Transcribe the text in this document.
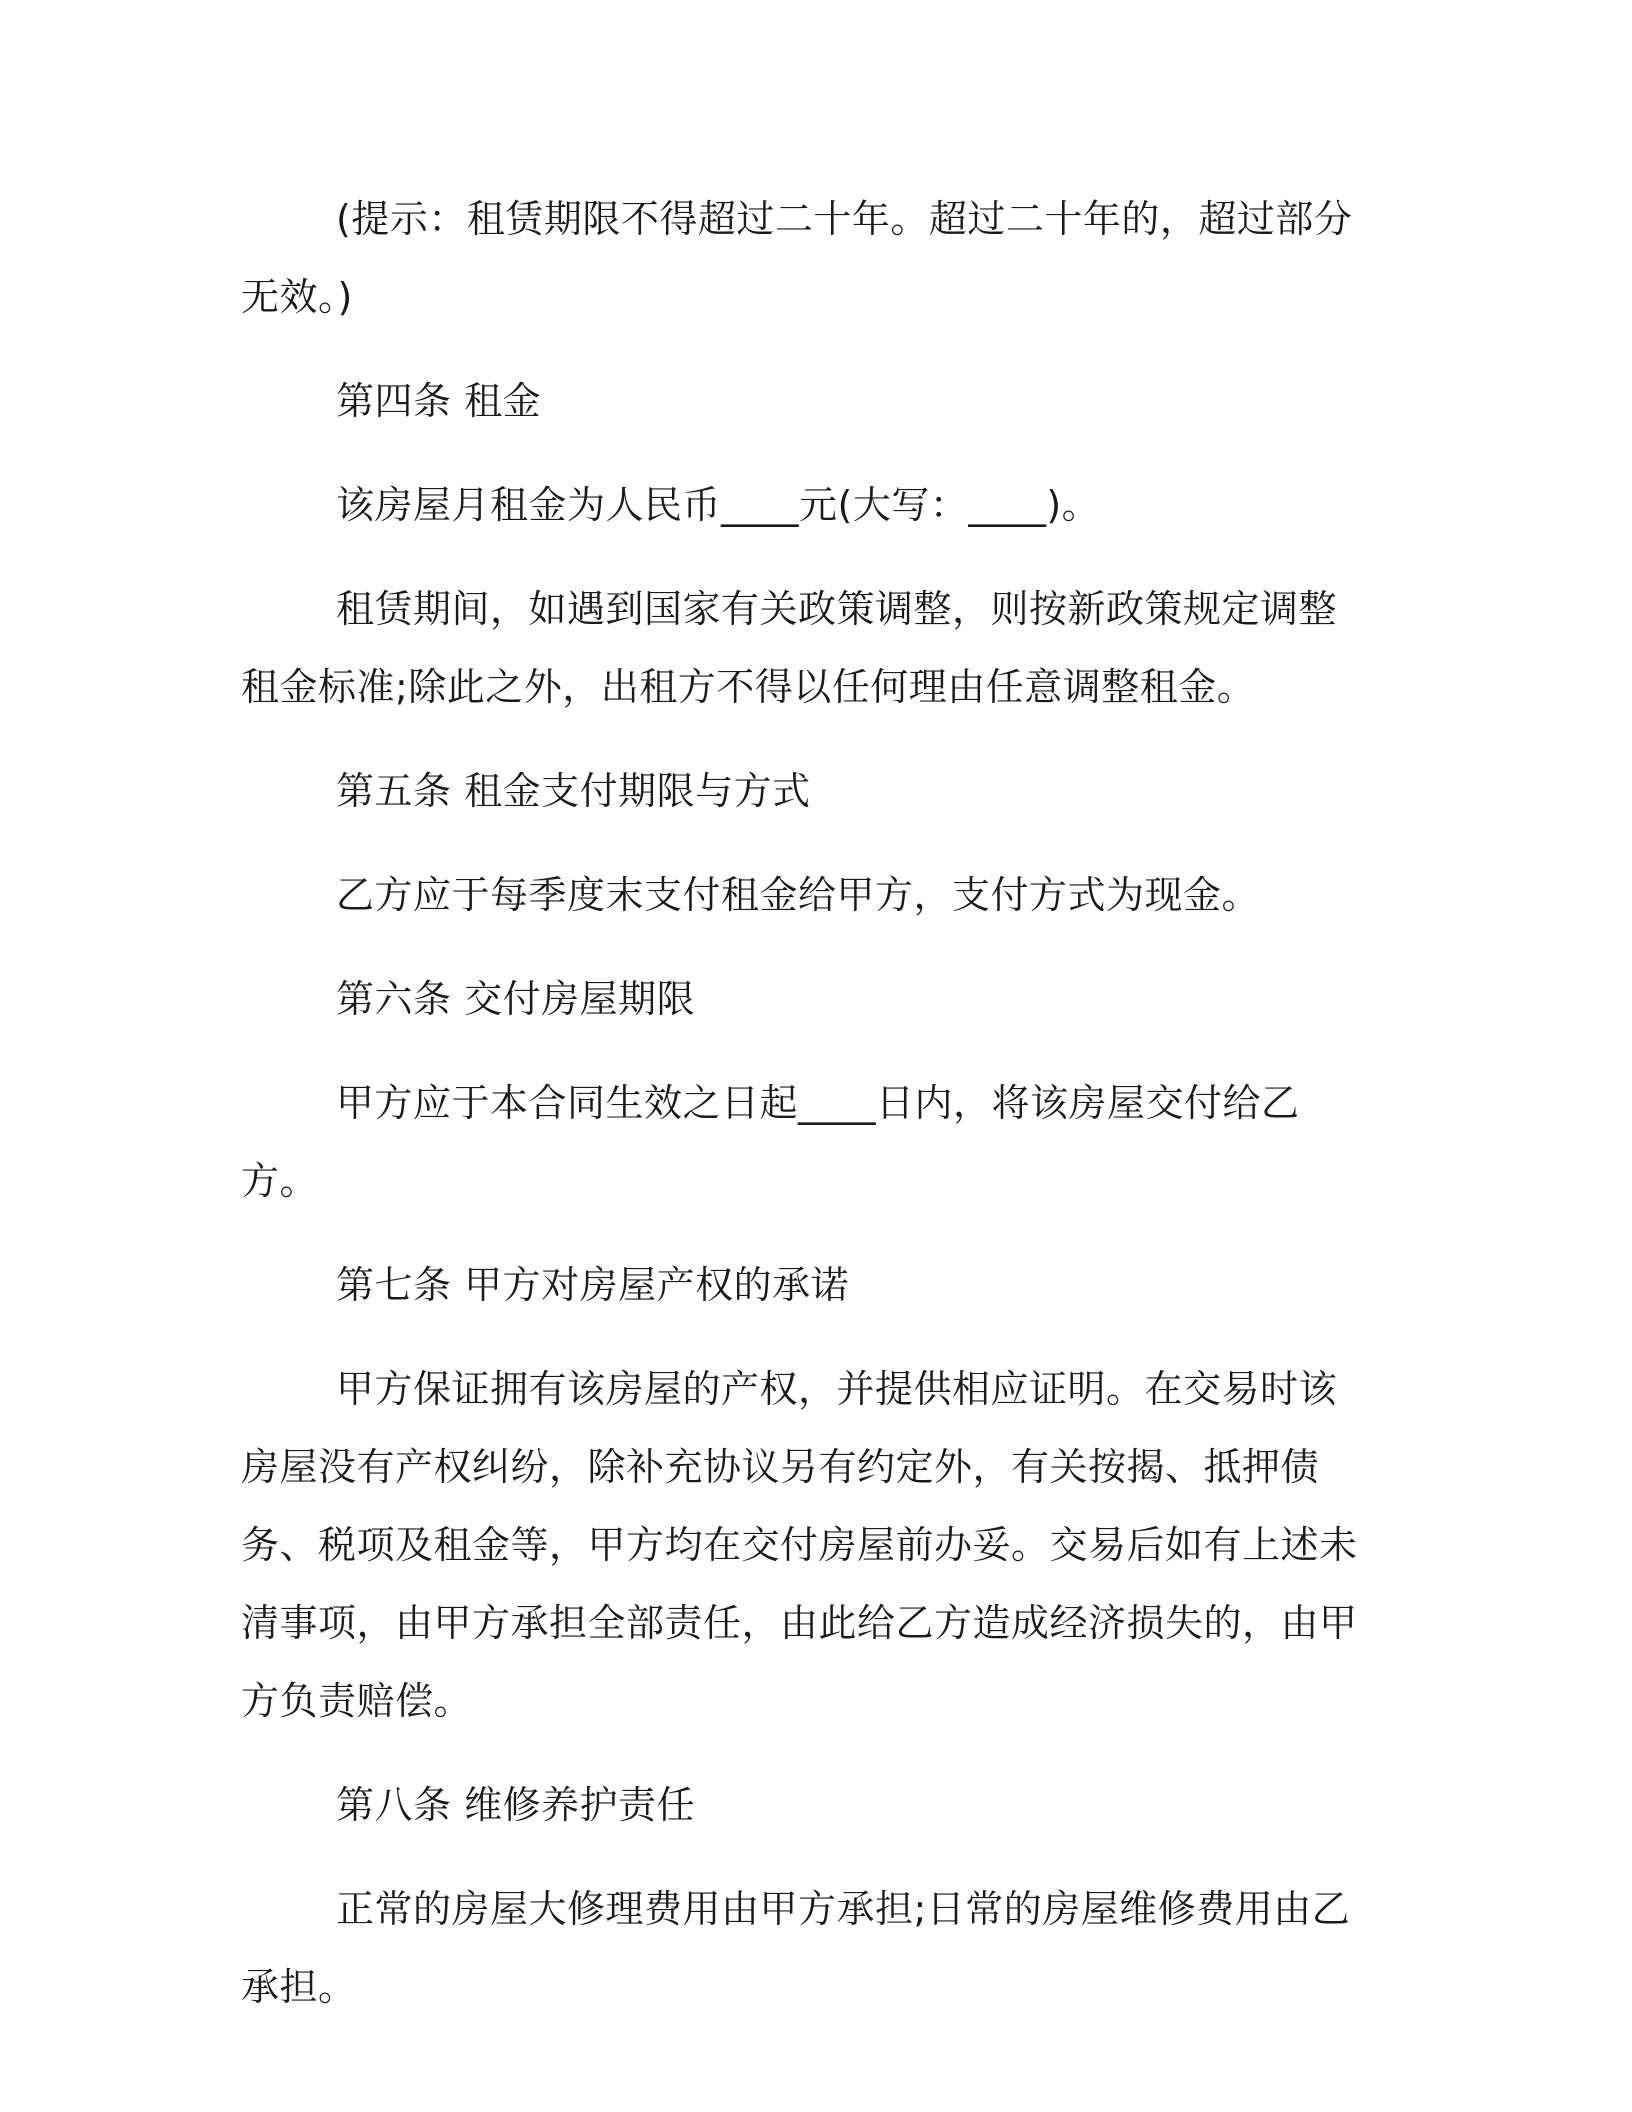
(提示：租赁期限不得超过二十年。超过二十年的，超过部分无效。)

第四条 租金

该房屋月租金为人民币____元(大写：____)。

租赁期间，如遇到国家有关政策调整，则按新政策规定调整租金标准;除此之外，出租方不得以任何理由任意调整租金。

第五条 租金支付期限与方式

乙方应于每季度末支付租金给甲方，支付方式为现金。

第六条 交付房屋期限

甲方应于本合同生效之日起____日内，将该房屋交付给乙方。

第七条 甲方对房屋产权的承诺

甲方保证拥有该房屋的产权，并提供相应证明。在交易时该房屋没有产权纠纷，除补充协议另有约定外，有关按揭、抵押债务、税项及租金等，甲方均在交付房屋前办妥。交易后如有上述未清事项，由甲方承担全部责任，由此给乙方造成经济损失的，由甲方负责赔偿。

第八条 维修养护责任

正常的房屋大修理费用由甲方承担;日常的房屋维修费用由乙承担。
